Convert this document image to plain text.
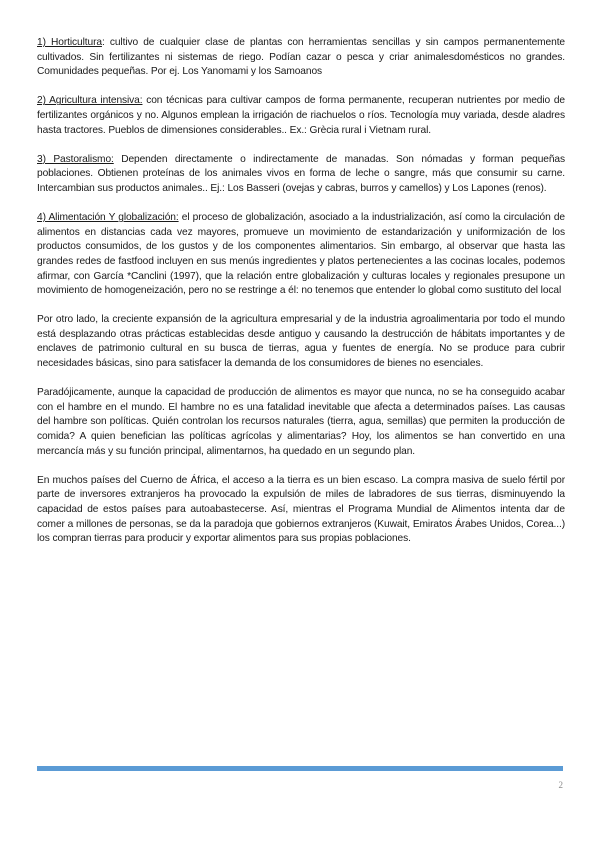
1) Horticultura: cultivo de cualquier clase de plantas con herramientas sencillas y sin campos permanentemente cultivados. Sin fertilizantes ni sistemas de riego. Podían cazar o pesca y criar animalesdomésticos no grandes. Comunidades pequeñas. Por ej. Los Yanomami y los Samoanos

2) Agricultura intensiva: con técnicas para cultivar campos de forma permanente, recuperan nutrientes por medio de fertilizantes orgánicos y no. Algunos emplean la irrigación de riachuelos o ríos. Tecnología muy variada, desde aladres hasta tractores. Pueblos de dimensiones considerables.. Ex.: Grècia rural i Vietnam rural.

3) Pastoralismo: Dependen directamente o indirectamente de manadas. Son nómadas y forman pequeñas poblaciones. Obtienen proteínas de los animales vivos en forma de leche o sangre, más que consumir su carne. Intercambian sus productos animales.. Ej.: Los Basseri (ovejas y cabras, burros y camellos) y Los Lapones (renos).

4) Alimentación Y globalización: el proceso de globalización, asociado a la industrialización, así como la circulación de alimentos en distancias cada vez mayores, promueve un movimiento de estandarización y uniformización de los productos consumidos, de los gustos y de los componentes alimentarios. Sin embargo, al observar que hasta las grandes redes de fastfood incluyen en sus menús ingredientes y platos pertenecientes a las cocinas locales, podemos afirmar, con García *Canclini (1997), que la relación entre globalización y culturas locales y regionales presupone un movimiento de homogeneización, pero no se restringe a él: no tenemos que entender lo global como sustituto del local

Por otro lado, la creciente expansión de la agricultura empresarial y de la industria agroalimentaria por todo el mundo está desplazando otras prácticas establecidas desde antiguo y causando la destrucción de hábitats importantes y de enclaves de patrimonio cultural en su busca de tierras, agua y fuentes de energía. No se produce para cubrir necesidades básicas, sino para satisfacer la demanda de los consumidores de bienes no esenciales.

Paradójicamente, aunque la capacidad de producción de alimentos es mayor que nunca, no se ha conseguido acabar con el hambre en el mundo. El hambre no es una fatalidad inevitable que afecta a determinados países. Las causas del hambre son políticas. Quién controlan los recursos naturales (tierra, agua, semillas) que permiten la producción de comida? A quien benefician las políticas agrícolas y alimentarias? Hoy, los alimentos se han convertido en una mercancía más y su función principal, alimentarnos, ha quedado en un segundo plan.

En muchos países del Cuerno de África, el acceso a la tierra es un bien escaso. La compra masiva de suelo fértil por parte de inversores extranjeros ha provocado la expulsión de miles de labradores de sus tierras, disminuyendo la capacidad de estos países para autoabastecerse. Así, mientras el Programa Mundial de Alimentos intenta dar de comer a millones de personas, se da la paradoja que gobiernos extranjeros (Kuwait, Emiratos Árabes Unidos, Corea...) los compran tierras para producir y exportar alimentos para sus propias poblaciones.

2
